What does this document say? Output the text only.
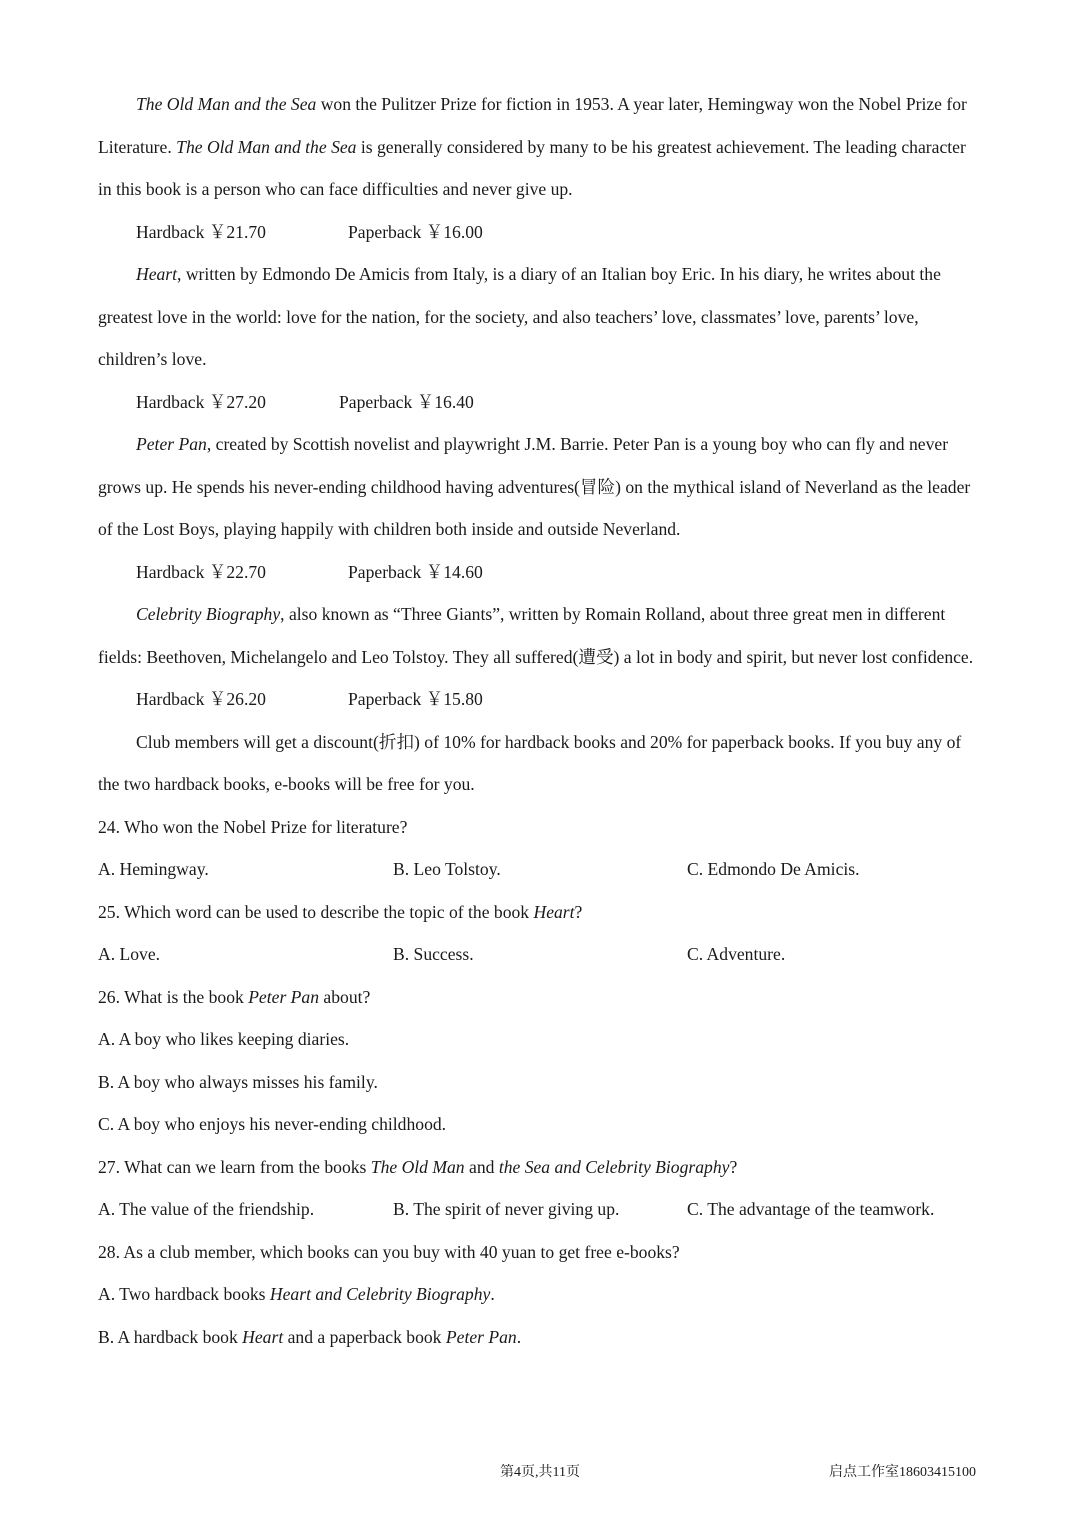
The Old Man and the Sea won the Pulitzer Prize for fiction in 1953. A year later, Hemingway won the Nobel Prize for Literature. The Old Man and the Sea is generally considered by many to be his greatest achievement. The leading character in this book is a person who can face difficulties and never give up.

Hardback ￥21.70	Paperback ￥16.00

Heart, written by Edmondo De Amicis from Italy, is a diary of an Italian boy Eric. In his diary, he writes about the greatest love in the world: love for the nation, for the society, and also teachers’ love, classmates’ love, parents’ love, children’s love.

Hardback ￥27.20	Paperback ￥16.40

Peter Pan, created by Scottish novelist and playwright J.M. Barrie. Peter Pan is a young boy who can fly and never grows up. He spends his never-ending childhood having adventures(冒险) on the mythical island of Neverland as the leader of the Lost Boys, playing happily with children both inside and outside Neverland.

Hardback ￥22.70	Paperback ￥14.60

Celebrity Biography, also known as “Three Giants”, written by Romain Rolland, about three great men in different fields: Beethoven, Michelangelo and Leo Tolstoy. They all suffered(遭受) a lot in body and spirit, but never lost confidence.

Hardback ￥26.20	Paperback ￥15.80

Club members will get a discount(折扣) of 10% for hardback books and 20% for paperback books. If you buy any of the two hardback books, e-books will be free for you.

24. Who won the Nobel Prize for literature?

A. Hemingway.	B. Leo Tolstoy.	C. Edmondo De Amicis.

25. Which word can be used to describe the topic of the book Heart?

A. Love.	B. Success.	C. Adventure.

26. What is the book Peter Pan about?

A. A boy who likes keeping diaries.

B. A boy who always misses his family.

C. A boy who enjoys his never-ending childhood.

27. What can we learn from the books The Old Man and the Sea and Celebrity Biography?

A. The value of the friendship.	B. The spirit of never giving up.	C. The advantage of the teamwork.

28. As a club member, which books can you buy with 40 yuan to get free e-books?

A. Two hardback books Heart and Celebrity Biography.

B. A hardback book Heart and a paperback book Peter Pan.

第4页,共11页	启点工作室18603415100
